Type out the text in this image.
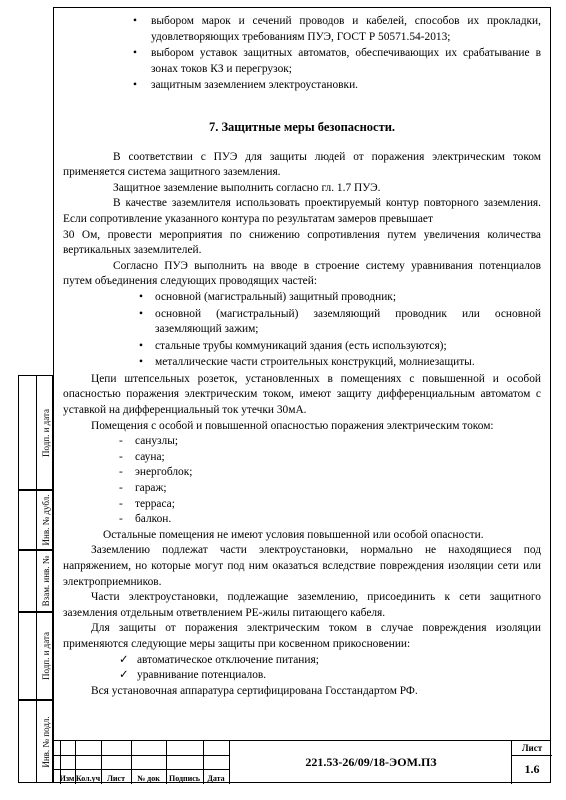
Подп. и дата
Инв. № дубл.
Взам. инв. №
Подп. и дата
Инв. № подл.
• выбором марок и сечений проводов и кабелей, способов их прокладки, удовлетворяющих требованиям ПУЭ, ГОСТ Р 50571.54-2013;
• выбором уставок защитных автоматов, обеспечивающих их срабатывание в зонах токов КЗ и перегрузок;
• защитным заземлением электроустановки.
7. Защитные меры безопасности.

В соответствии с ПУЭ для защиты людей от поражения электрическим током применяется система защитного заземления.

Защитное заземление выполнить согласно гл. 1.7 ПУЭ.

В качестве заземлителя использовать проектируемый контур повторного заземления. Если сопротивление указанного контура по результатам замеров превышает

30 Ом, провести мероприятия по снижению сопротивления путем увеличения количества вертикальных заземлителей.

Согласно ПУЭ выполнить на вводе в строение систему уравнивания потенциалов путем объединения следующих проводящих частей:

• основной (магистральный) защитный проводник;
• основной (магистральный) заземляющий проводник или основной заземляющий зажим;
• стальные трубы коммуникаций здания (есть используются);
• металлические части строительных конструкций, молниезащиты.

Цепи штепсельных розеток, установленных в помещениях с повышенной и особой опасностью поражения электрическим током, имеют защиту дифференциальным автоматом с уставкой на дифференциальный ток утечки 30мА.

Помещения с особой и повышенной опасностью поражения электрическим током:

- санузлы;
- сауна;
- энергоблок;
- гараж;
- терраса;
- балкон.

Остальные помещения не имеют условия повышенной или особой опасности.

Заземлению подлежат части электроустановки, нормально не находящиеся под напряжением, но которые могут под ним оказаться вследствие повреждения изоляции сети или электроприемников.

Части электроустановки, подлежащие заземлению, присоединить к сети защитного заземления отдельным ответвлением PE-жилы питающего кабеля.

Для защиты от поражения электрическим током в случае повреждения изоляции применяются следующие меры защиты при косвенном прикосновении:

✓ автоматическое отключение питания;
✓ уравнивание потенциалов.

Вся установочная аппаратура сертифицирована Госстандартом РФ.

Изм Кол.уч Лист	№ док	Подпись Дата
221.53-26/09/18-ЭОМ.ПЗ
Лист
1.6
